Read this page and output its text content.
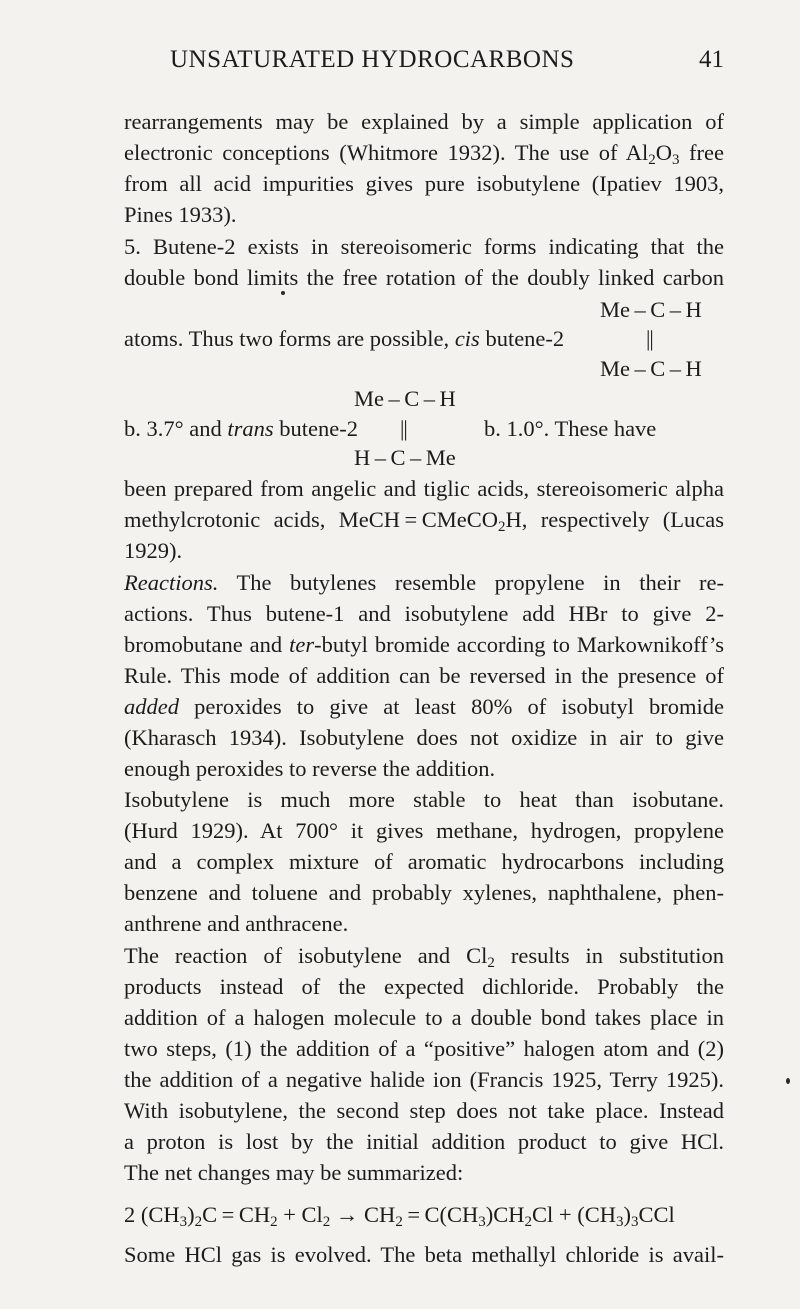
UNSATURATED HYDROCARBONS	41
rearrangements may be explained by a simple application of
electronic conceptions (Whitmore 1932). The use of $Al_2O_3$ free
from all acid impurities gives pure isobutylene (Ipatiev 1903,
Pines 1933).
5. Butene-2 exists in stereoisomeric forms indicating that the
double bond limits the free rotation of the doubly linked carbon
Me – C – H
atoms. Thus two forms are possible, cis butene-2	||
Me – C – H
Me – C – H
b. 3.7° and trans butene-2 ||	b. 1.0°. These have
H – C – Me
been prepared from angelic and tiglic acids, stereoisomeric alpha
methylcrotonic acids, MeCH = CMeCO$_2$H, respectively (Lucas
1929).
Reactions. The butylenes resemble propylene in their re-
actions. Thus butene-1 and isobutylene add HBr to give 2-
bromobutane and ter-butyl bromide according to Markownikoff’s
Rule. This mode of addition can be reversed in the presence of
added peroxides to give at least 80% of isobutyl bromide
(Kharasch 1934). Isobutylene does not oxidize in air to give
enough peroxides to reverse the addition.
Isobutylene is much more stable to heat than isobutane.
(Hurd 1929). At 700° it gives methane, hydrogen, propylene
and a complex mixture of aromatic hydrocarbons including
benzene and toluene and probably xylenes, naphthalene, phen-
anthrene and anthracene.
The reaction of isobutylene and $Cl_2$ results in substitution
products instead of the expected dichloride. Probably the
addition of a halogen molecule to a double bond takes place in
two steps, (1) the addition of a “positive” halogen atom and (2)
the addition of a negative halide ion (Francis 1925, Terry 1925).
With isobutylene, the second step does not take place. Instead
a proton is lost by the initial addition product to give HCl.
The net changes may be summarized:
2 $(CH_3)_2C = CH_2 + Cl_2 \to CH_2 = C(CH_3)CH_2Cl + (CH_3)_3CCl$
Some HCl gas is evolved. The beta methallyl chloride is avail-
